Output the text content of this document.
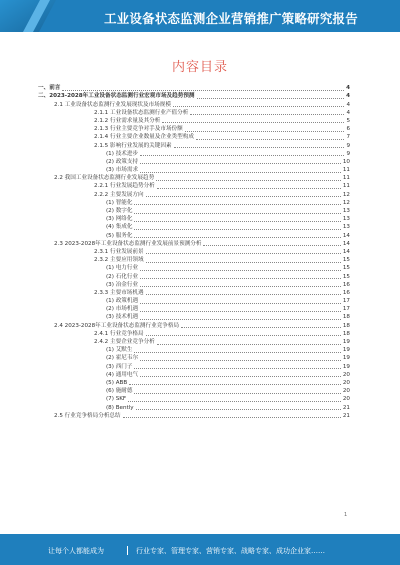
工业设备状态监测企业营销推广策略研究报告
内容目录
一、前言	4
二、2023-2028年工业设备状态监测行业宏观市场及趋势预测	4
2.1 工业设备状态监测行业发展现状及市场规模	4
2.1.1 工业设备状态监测行业产值分析	4
2.1.2 行业需求量及其分析	5
2.1.3 行业主要竞争对手及市场份额	6
2.1.4 行业主要企业数量及企业类型构成	7
2.1.5 影响行业发展的关键因素	9
(1) 技术进步	9
(2) 政策支持	10
(3) 市场需求	11
2.2 我国工业设备状态监测行业发展趋势	11
2.2.1 行业发展趋势分析	11
2.2.2 主要发展方向	12
(1) 智能化	12
(2) 数字化	13
(3) 网络化	13
(4) 集成化	13
(5) 服务化	14
2.3 2023-2028年工业设备状态监测行业发展前景预测分析	14
2.3.1 行业发展前景	14
2.3.2 主要应用领域	15
(1) 电力行业	15
(2) 石化行业	15
(3) 冶金行业	16
2.3.3 主要市场机遇	16
(1) 政策机遇	17
(2) 市场机遇	17
(3) 技术机遇	18
2.4 2023-2028年工业设备状态监测行业竞争格局	18
2.4.1 行业竞争格局	18
2.4.2 主要企业竞争分析	19
(1) 艾默生	19
(2) 霍尼韦尔	19
(3) 西门子	19
(4) 通用电气	20
(5) ABB	20
(6) 施耐德	20
(7) SKF	20
(8) Bently	21
2.5 行业竞争格局分析总结	21
1
让每个人都能成为	行业专家、管理专家、营销专家、战略专家、成功企业家……
